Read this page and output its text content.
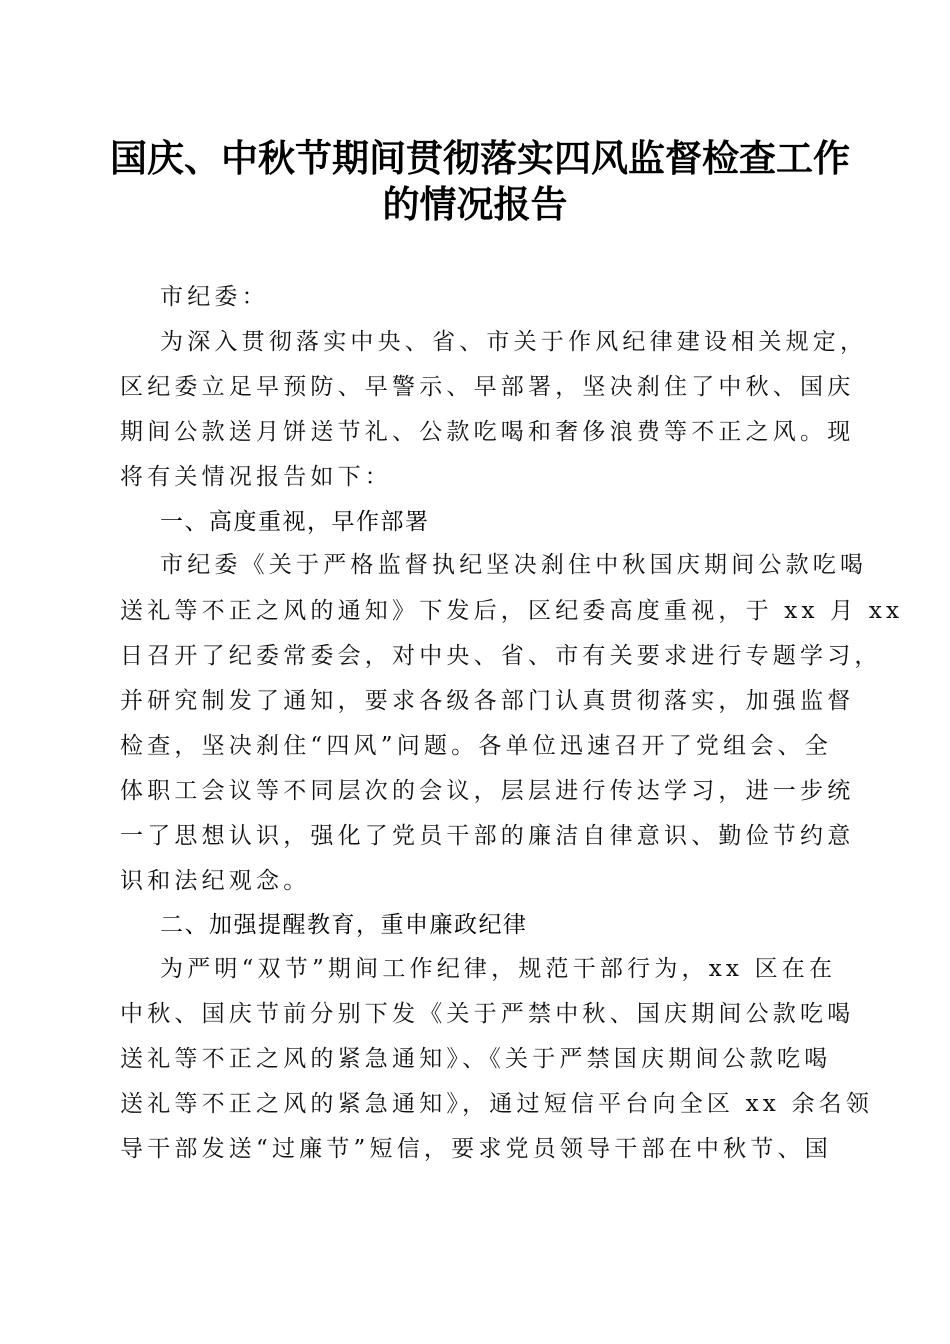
国庆、中秋节期间贯彻落实四风监督检查工作
的情况报告
市纪委：
为深入贯彻落实中央、省、市关于作风纪律建设相关规定，
区纪委立足早预防、早警示、早部署，坚决刹住了中秋、国庆
期间公款送月饼送节礼、公款吃喝和奢侈浪费等不正之风。现
将有关情况报告如下：
一、高度重视，早作部署
市纪委《关于严格监督执纪坚决刹住中秋国庆期间公款吃喝
送礼等不正之风的通知》下发后，区纪委高度重视，于 xx 月 xx
日召开了纪委常委会，对中央、省、市有关要求进行专题学习，
并研究制发了通知，要求各级各部门认真贯彻落实，加强监督
检查，坚决刹住“四风”问题。各单位迅速召开了党组会、全
体职工会议等不同层次的会议，层层进行传达学习，进一步统
一了思想认识，强化了党员干部的廉洁自律意识、勤俭节约意
识和法纪观念。
二、加强提醒教育，重申廉政纪律
为严明“双节”期间工作纪律，规范干部行为，xx 区在在
中秋、国庆节前分别下发《关于严禁中秋、国庆期间公款吃喝
送礼等不正之风的紧急通知》、《关于严禁国庆期间公款吃喝
送礼等不正之风的紧急通知》，通过短信平台向全区 xx 余名领
导干部发送“过廉节”短信，要求党员领导干部在中秋节、国
